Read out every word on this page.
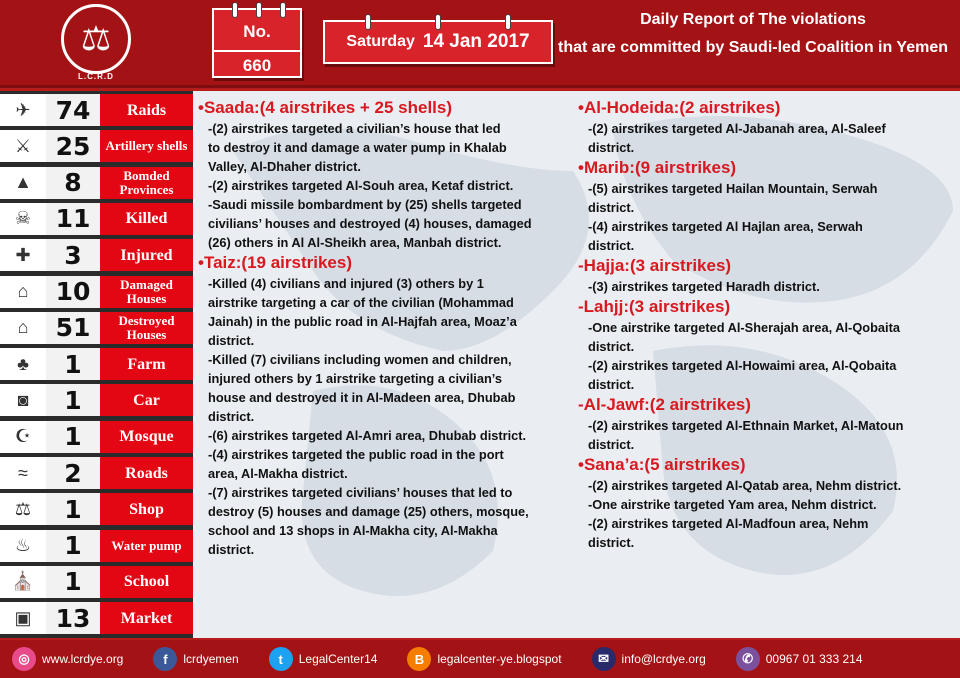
⚖
L.C.R.D
No.
660
Saturday 14 Jan 2017
Daily Report of The violations
that are committed by Saudi-led Coalition in Yemen
✈	74	Raids
⚔ 25	Artillery shells
▲	8	Bomded Provinces
☠ 11	Killed
✚	3	Injured
⌂	10	Damaged Houses
⌂	51	Destroyed Houses
♣	1	Farm
◙	1	Car
☪	1	Mosque
≈	2	Roads
⚖	1	Shop
♨	1	Water pump
⛪	1	School
▣ 13	Market
•Saada:(4 airstrikes + 25 shells)
-(2) airstrikes targeted a civilian’s house that led
to destroy it and damage a water pump in Khalab
Valley, Al-Dhaher district.
-(2) airstrikes targeted Al-Souh area, Ketaf district.
-Saudi missile bombardment by (25) shells targeted
civilians’ houses and destroyed (4) houses, damaged
(26) others in Al Al-Sheikh area, Manbah district.
•Taiz:(19 airstrikes)
-Killed (4) civilians and injured (3) others by 1
airstrike targeting a car of the civilian (Mohammad
Jainah) in the public road in Al-Hajfah area, Moaz’a
district.
-Killed (7) civilians including women and children,
injured others by 1 airstrike targeting a civilian’s
house and destroyed it in Al-Madeen area, Dhubab
district.
-(6) airstrikes targeted Al-Amri area, Dhubab district.
-(4) airstrikes targeted the public road in the port
area, Al-Makha district.
-(7) airstrikes targeted civilians’ houses that led to
destroy (5) houses and damage (25) others, mosque,
school and 13 shops in Al-Makha city, Al-Makha
district.
•Al-Hodeida:(2 airstrikes)
-(2) airstrikes targeted Al-Jabanah area, Al-Saleef
district.
•Marib:(9 airstrikes)
-(5) airstrikes targeted Hailan Mountain, Serwah
district.
-(4) airstrikes targeted Al Hajlan area, Serwah
district.
-Hajja:(3 airstrikes)
-(3) airstrikes targeted Haradh district.
-Lahjj:(3 airstrikes)
-One airstrike targeted Al-Sherajah area, Al-Qobaita
district.
-(2) airstrikes targeted Al-Howaimi area, Al-Qobaita
district.
-Al-Jawf:(2 airstrikes)
-(2) airstrikes targeted Al-Ethnain Market, Al-Matoun
district.
•Sana’a:(5 airstrikes)
-(2) airstrikes targeted Al-Qatab area, Nehm district.
-One airstrike targeted Yam area, Nehm district.
-(2) airstrikes targeted Al-Madfoun area, Nehm
district.
◎	www.lcrdye.org	f	lcrdyemen	t	LegalCenter14	B	legalcenter-ye.blogspot	✉	info@lcrdye.org	✆	00967 01 333 214
